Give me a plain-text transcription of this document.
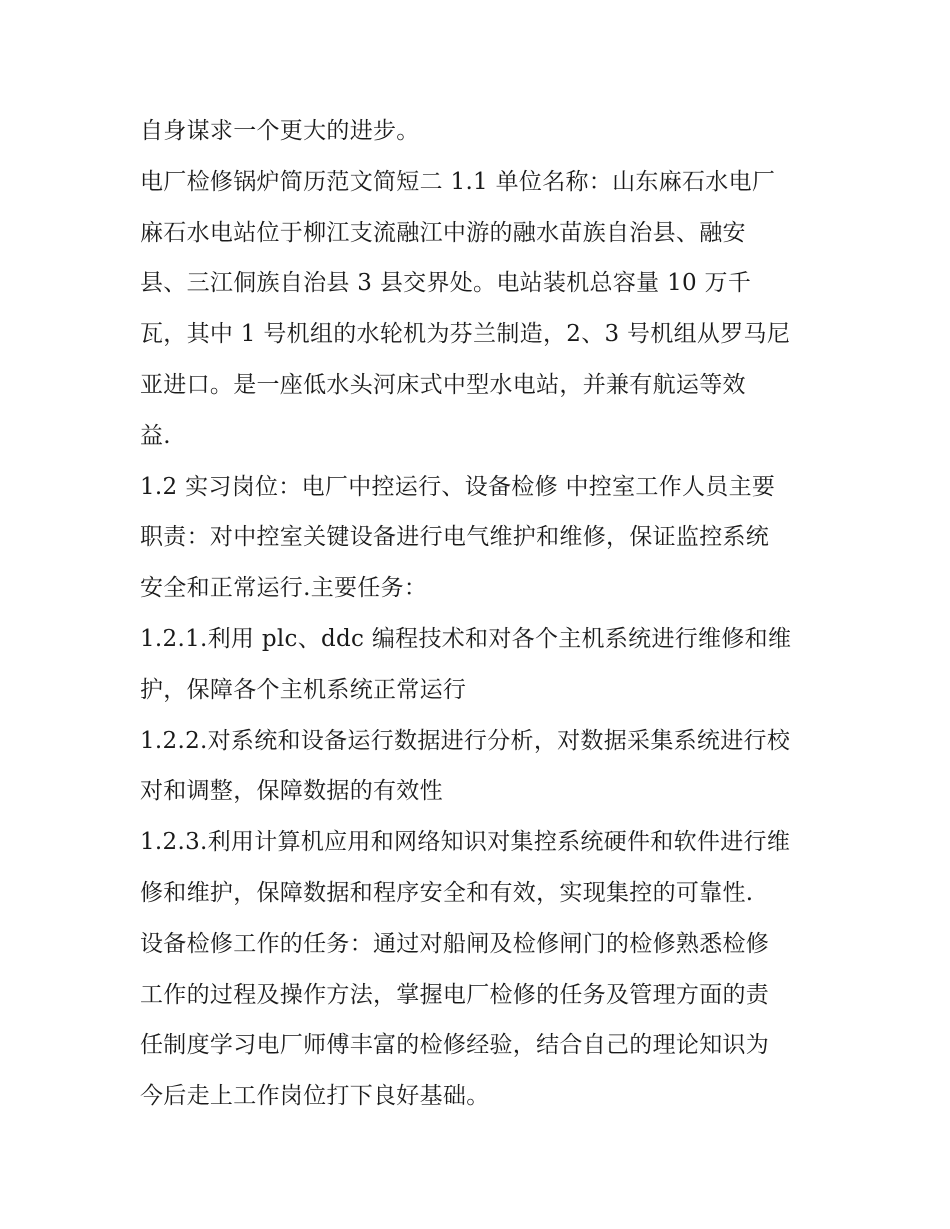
自身谋求一个更大的进步。
电厂检修锅炉简历范文简短二 1.1 单位名称：山东麻石水电厂
麻石水电站位于柳江支流融江中游的融水苗族自治县、融安
县、三江侗族自治县 3 县交界处。电站装机总容量 10 万千
瓦，其中 1 号机组的水轮机为芬兰制造，2、3 号机组从罗马尼
亚进口。是一座低水头河床式中型水电站，并兼有航运等效
益.
1.2 实习岗位：电厂中控运行、设备检修 中控室工作人员主要
职责：对中控室关键设备进行电气维护和维修，保证监控系统
安全和正常运行.主要任务：
1.2.1.利用 plc、ddc 编程技术和对各个主机系统进行维修和维
护，保障各个主机系统正常运行
1.2.2.对系统和设备运行数据进行分析，对数据采集系统进行校
对和调整，保障数据的有效性
1.2.3.利用计算机应用和网络知识对集控系统硬件和软件进行维
修和维护，保障数据和程序安全和有效，实现集控的可靠性.
设备检修工作的任务：通过对船闸及检修闸门的检修熟悉检修
工作的过程及操作方法，掌握电厂检修的任务及管理方面的责
任制度学习电厂师傅丰富的检修经验，结合自己的理论知识为
今后走上工作岗位打下良好基础。
